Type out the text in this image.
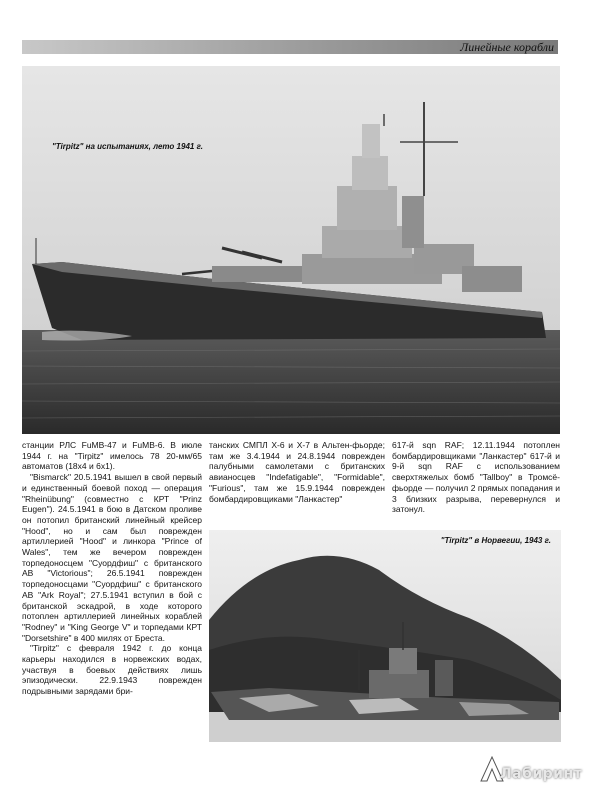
Линейные корабли
"Tirpitz" на испытаниях, лето 1941 г.

станции РЛС FuMB-47 и FuMB-6. В июле 1944 г. на "Tirpitz" имелось 78 20-мм/65 автоматов (18х4 и 6х1).

"Bismarck" 20.5.1941 вышел в свой первый и единственный боевой поход — операция "Rheinübung" (совместно с КРТ "Prinz Eugen"). 24.5.1941 в бою в Датском проливе он потопил британский линейный крейсер "Hood", но и сам был поврежден артиллерией "Hood" и линкора "Prince of Wales", тем же вечером поврежден торпедоносцем "Суордфиш" с британского АВ "Victorious"; 26.5.1941 поврежден торпедоносцами "Суордфиш" с британского АВ "Ark Royal"; 27.5.1941 вступил в бой с британской эскадрой, в ходе которого потоплен артиллерией линейных кораблей "Rodney" и "King George V" и торпедами КРТ "Dorsetshire" в 400 милях от Бреста.

"Tirpitz" с февраля 1942 г. до конца карьеры находился в норвежских водах, участвуя в боевых действиях лишь эпизодически. 22.9.1943 поврежден подрывными зарядами бри-

танских СМПЛ Х-6 и Х-7 в Альтен-фьорде; там же 3.4.1944 и 24.8.1944 поврежден палубными самолетами с британских авианосцев "Indefatigable", "Formidable", "Furious", там же 15.9.1944 поврежден бомбардировщиками "Ланкастер"

617-й sqn RAF; 12.11.1944 потоплен бомбардировщиками "Ланкастер" 617-й и 9-й sqn RAF с использованием сверхтяжелых бомб "Tallboy" в Тромсё-фьорде — получил 2 прямых попадания и 3 близких разрыва, перевернулся и затонул.

"Tirpitz" в Норвегии, 1943 г.
Лабиринт
